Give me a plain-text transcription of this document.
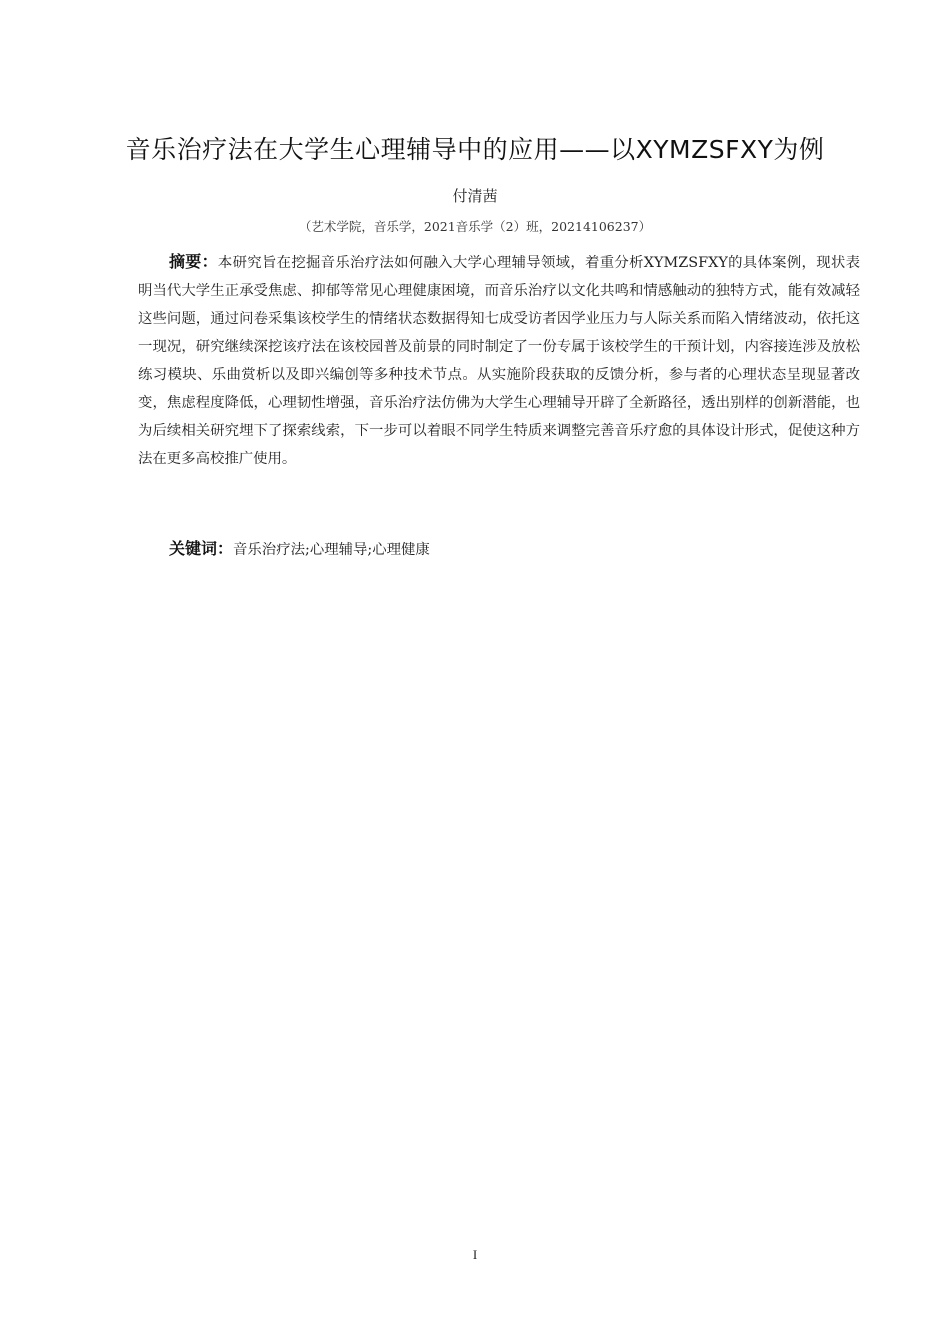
音乐治疗法在大学生心理辅导中的应用——以XYMZSFXY为例
付清茜
（艺术学院，音乐学，2021音乐学（2）班，20214106237）

摘要：本研究旨在挖掘音乐治疗法如何融入大学心理辅导领域，着重分析XYMZSFXY的具体案例，现状表明当代大学生正承受焦虑、抑郁等常见心理健康困境，而音乐治疗以文化共鸣和情感触动的独特方式，能有效减轻这些问题，通过问卷采集该校学生的情绪状态数据得知七成受访者因学业压力与人际关系而陷入情绪波动，依托这一现况，研究继续深挖该疗法在该校园普及前景的同时制定了一份专属于该校学生的干预计划，内容接连涉及放松练习模块、乐曲赏析以及即兴编创等多种技术节点。从实施阶段获取的反馈分析，参与者的心理状态呈现显著改变，焦虑程度降低，心理韧性增强，音乐治疗法仿佛为大学生心理辅导开辟了全新路径，透出别样的创新潜能，也为后续相关研究埋下了探索线索，下一步可以着眼不同学生特质来调整完善音乐疗愈的具体设计形式，促使这种方法在更多高校推广使用。

关键词：音乐治疗法;心理辅导;心理健康

I
